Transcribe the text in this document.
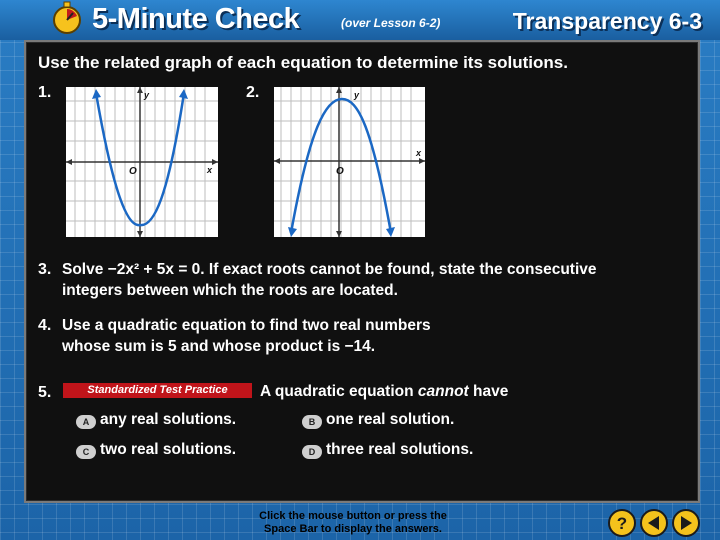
5-Minute Check	(over Lesson 6-2)	Transparency 6-3
Use the related graph of each equation to determine its solutions.
1.	2.
y
x
O
y
x
O
3. Solve −2x² + 5x = 0. If exact roots cannot be found, state the consecutive
integers between which the roots are located.
4. Use a quadratic equation to find two real numbers
whose sum is 5 and whose product is −14.
5.	Standardized Test Practice	A quadratic equation cannot have
A any real solutions.	B one real solution.
C two real solutions.	D three real solutions.
Click the mouse button or press the
Space Bar to display the answers.	?
